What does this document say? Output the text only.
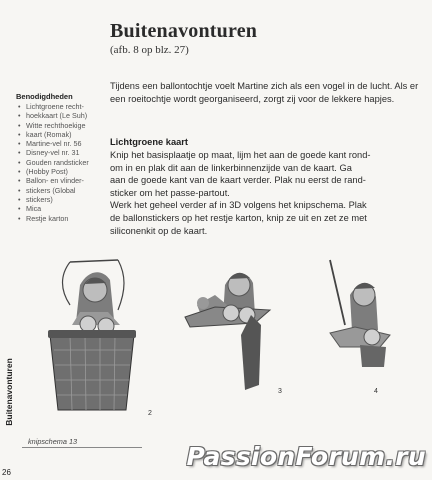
Buitenavonturen
(afb. 8 op blz. 27)
Benodigdheden
• Lichtgroene recht-
• hoekkaart (Le Suh)
• Witte rechthoekige
• kaart (Romak)
• Martine-vel nr. 56
• Disney-vel nr. 31
• Gouden randsticker
• (Hobby Post)
• Ballon- en vlinder-
• stickers (Global
• stickers)
• Mica
• Restje karton

Tijdens een ballontochtje voelt Martine zich als een vogel in de lucht. Als er een roeitochtje wordt georganiseerd, zorgt zij voor de lekkere hapjes.

Lichtgroene kaart

Knip het basisplaatje op maat, lijm het aan de goede kant rond-
om in en plak dit aan de linkerbinnenzijde van de kaart. Ga
aan de goede kant van de kaart verder. Plak nu eerst de rand-
sticker om het passe-partout.
Werk het geheel verder af in 3D volgens het knipschema. Plak
de ballonstickers op het restje karton, knip ze uit en zet ze met
siliconenkit op de kaart.

2
3	4
Buitenavonturen
knipschema 13
26
PassionForum.ru
